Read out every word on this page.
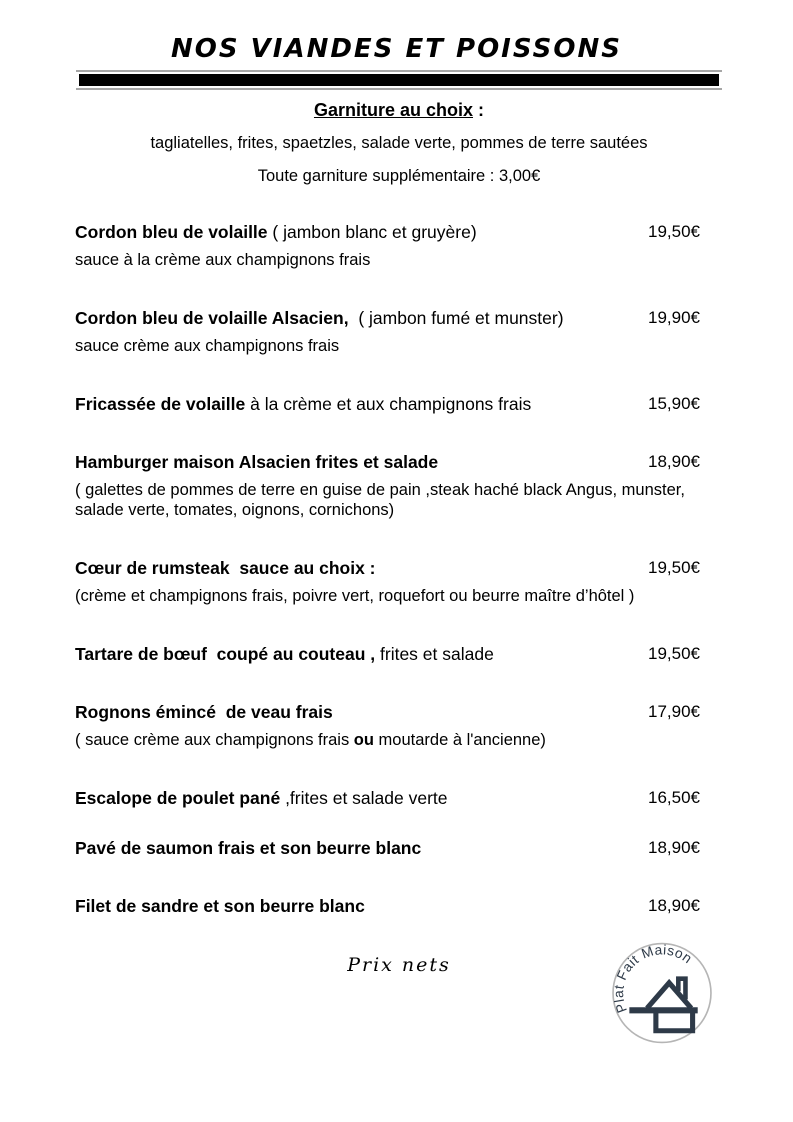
NOS VIANDES ET POISSONS
Garniture au choix :
tagliatelles, frites, spaetzles, salade verte, pommes de terre sautées
Toute garniture supplémentaire : 3,00€
Cordon bleu de volaille ( jambon blanc et gruyère)	19,50€
sauce à la crème aux champignons frais
Cordon bleu de volaille Alsacien,  ( jambon fumé et munster)	19,90€
sauce crème aux champignons frais
Fricassée de volaille à la crème et aux champignons frais	15,90€
Hamburger maison Alsacien frites et salade	18,90€
( galettes de pommes de terre en guise de pain ,steak haché black Angus, munster, salade verte, tomates, oignons, cornichons)
Cœur de rumsteak  sauce au choix :	19,50€
(crème et champignons frais, poivre vert, roquefort ou beurre maître d’hôtel )
Tartare de bœuf  coupé au couteau , frites et salade	19,50€
Rognons émincé  de veau frais	17,90€
( sauce crème aux champignons frais ou moutarde à l'ancienne)
Escalope de poulet pané ,frites et salade verte	16,50€
Pavé de saumon frais et son beurre blanc	18,90€
Filet de sandre et son beurre blanc	18,90€
Prix nets
Plat Fait Maison
